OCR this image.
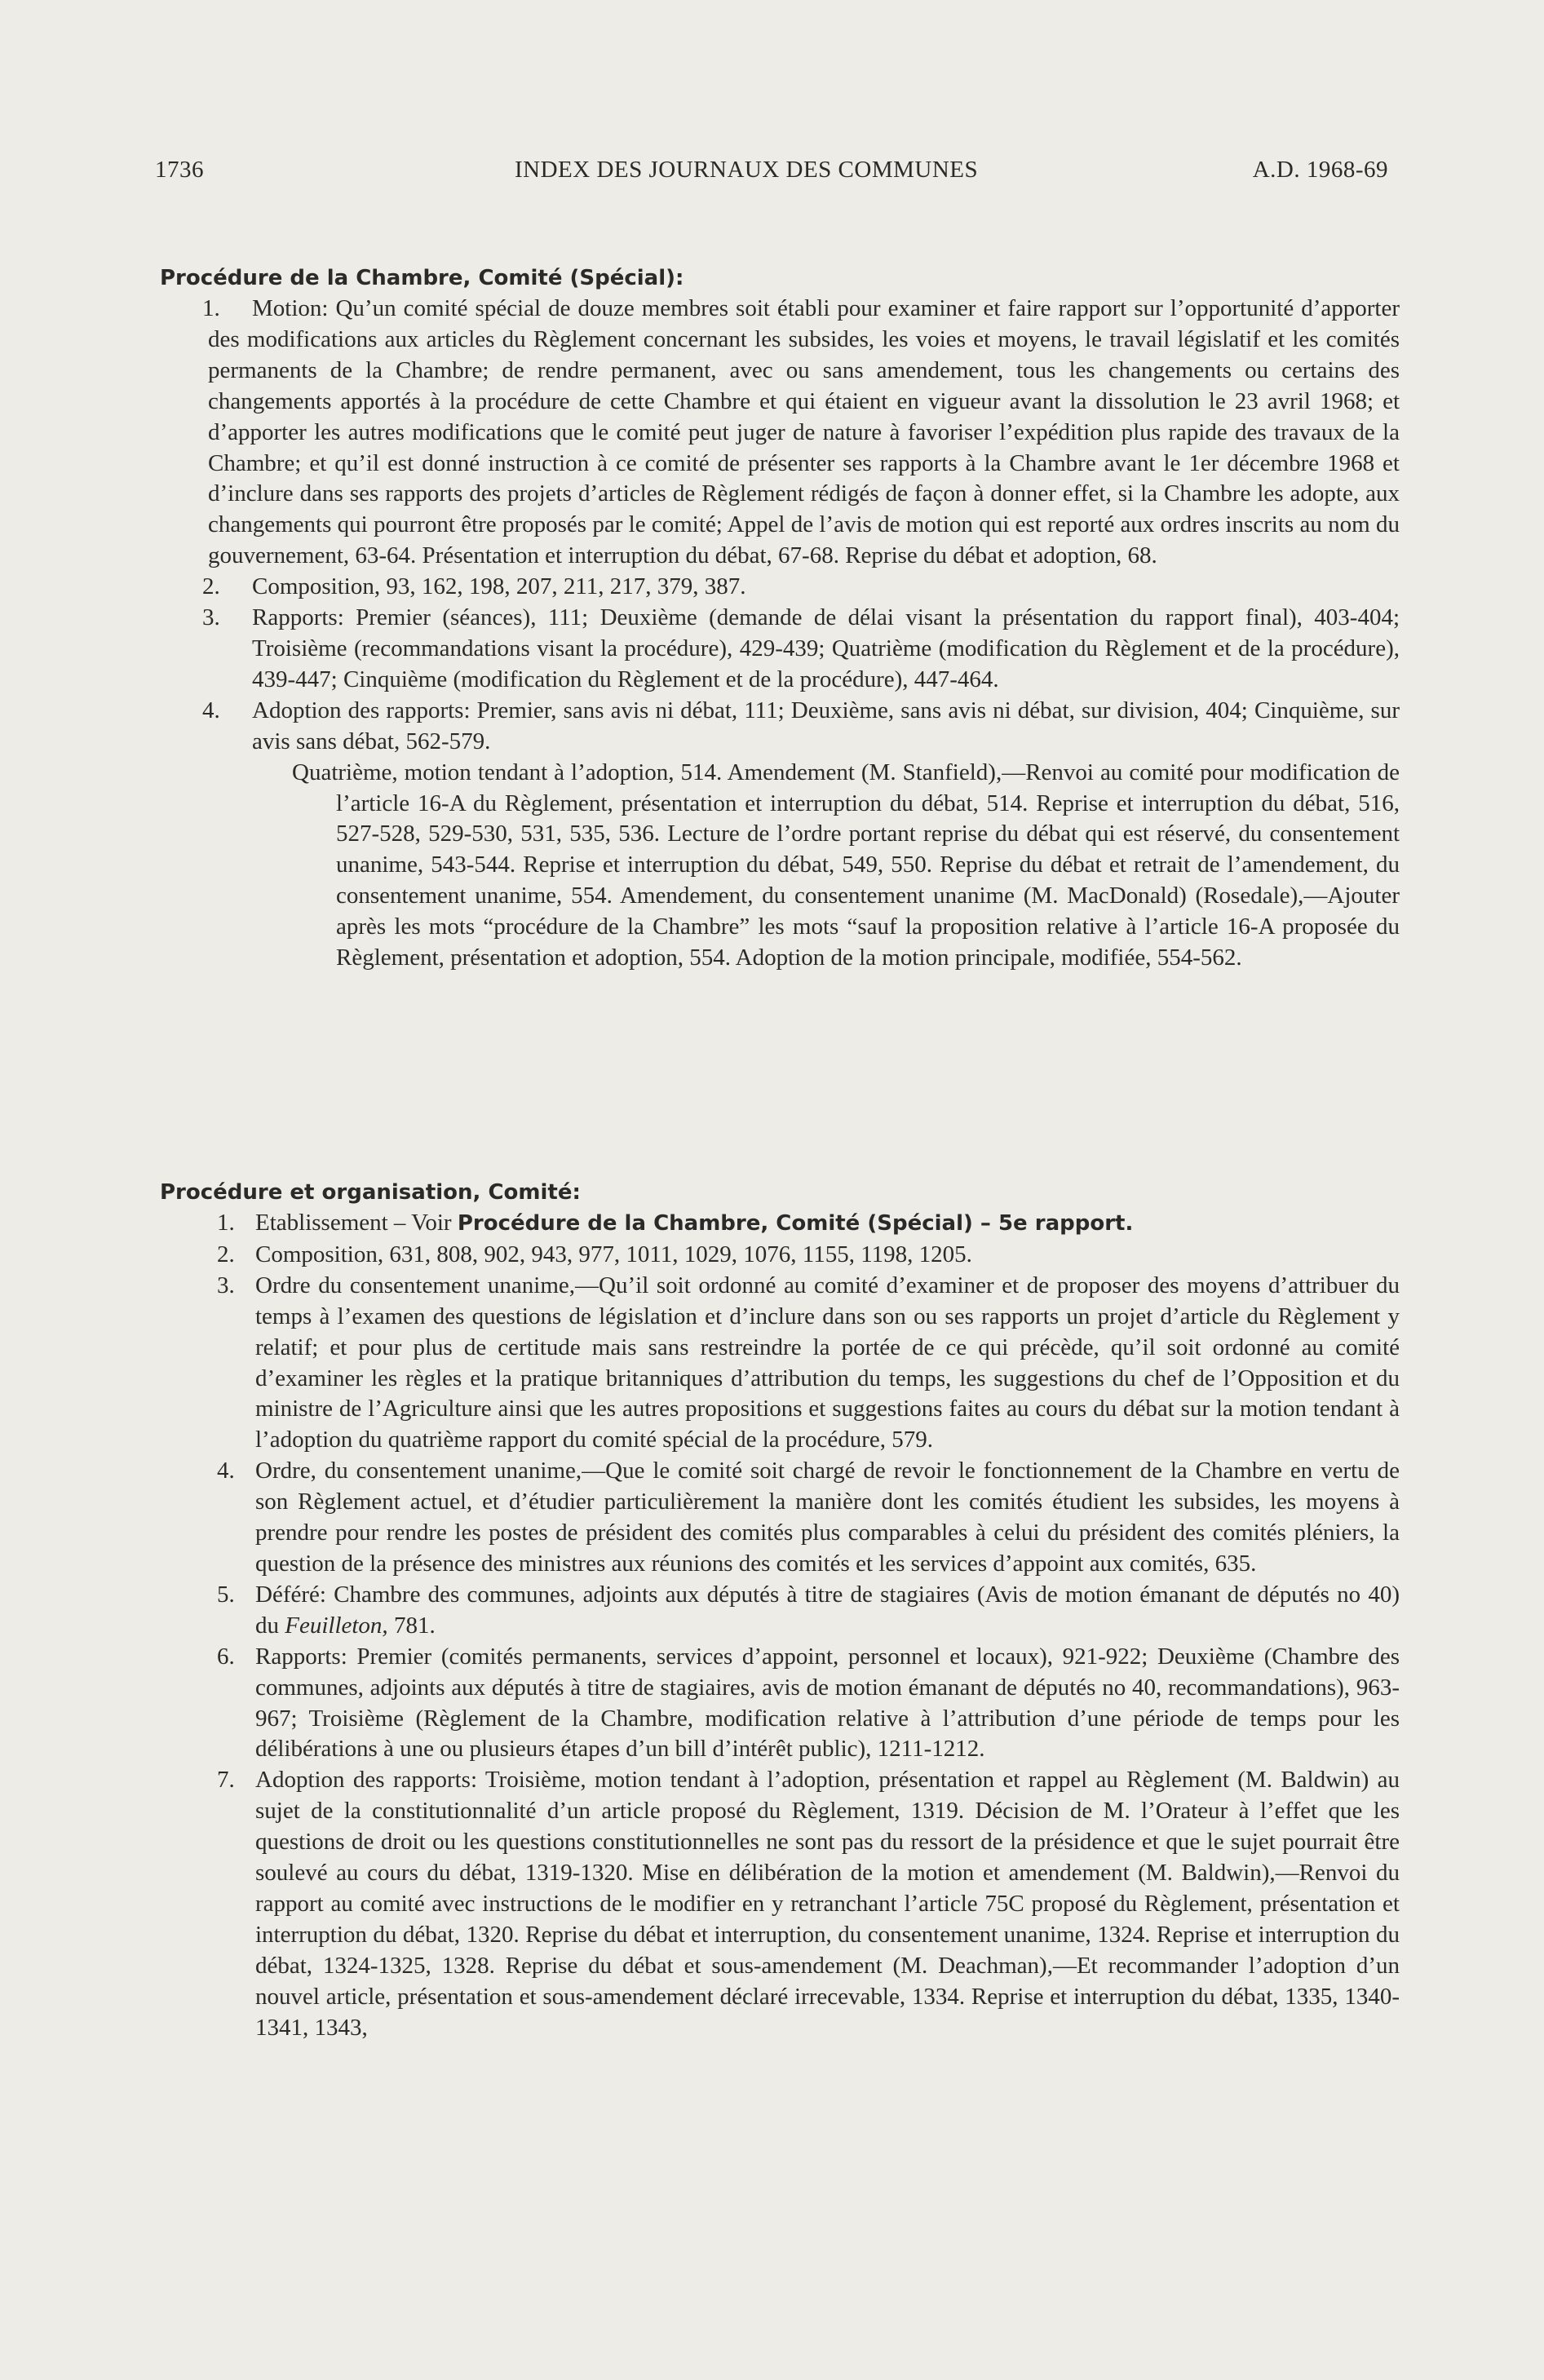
1736	INDEX DES JOURNAUX DES COMMUNES	A.D. 1968-69
Procédure de la Chambre, Comité (Spécial):
1.	Motion: Qu’un comité spécial de douze membres soit établi pour examiner et faire rapport sur l’opportunité d’apporter des modifications aux articles du Règlement concernant les subsides, les voies et moyens, le travail législatif et les comités permanents de la Chambre; de rendre permanent, avec ou sans amendement, tous les changements ou certains des changements apportés à la procédure de cette Chambre et qui étaient en vigueur avant la dissolution le 23 avril 1968; et d’apporter les autres modifications que le comité peut juger de nature à favoriser l’expédition plus rapide des travaux de la Chambre; et qu’il est donné instruction à ce comité de présenter ses rapports à la Chambre avant le 1er décembre 1968 et d’inclure dans ses rapports des projets d’articles de Règlement rédigés de façon à donner effet, si la Chambre les adopte, aux changements qui pourront être proposés par le comité; Appel de l’avis de motion qui est reporté aux ordres inscrits au nom du gouvernement, 63-64. Présentation et interruption du débat, 67-68. Reprise du débat et adoption, 68.
2. Composition, 93, 162, 198, 207, 211, 217, 379, 387.
3. Rapports: Premier (séances), 111; Deuxième (demande de délai visant la présentation du rapport final), 403-404; Troisième (recommandations visant la procédure), 429-439; Quatrième (modification du Règlement et de la procédure), 439-447; Cinquième (modification du Règlement et de la procédure), 447-464.
4. Adoption des rapports: Premier, sans avis ni débat, 111; Deuxième, sans avis ni débat, sur division, 404; Cinquième, sur avis sans débat, 562-579.
Quatrième, motion tendant à l’adoption, 514. Amendement (M. Stanfield),—Renvoi au comité pour modification de l’article 16-A du Règlement, présentation et interruption du débat, 514. Reprise et interruption du débat, 516, 527-528, 529-530, 531, 535, 536. Lecture de l’ordre portant reprise du débat qui est réservé, du consentement unanime, 543-544. Reprise et interruption du débat, 549, 550. Reprise du débat et retrait de l’amendement, du consentement unanime, 554. Amendement, du consentement unanime (M. MacDonald) (Rosedale),—Ajouter après les mots “procédure de la Chambre” les mots “sauf la proposition relative à l’article 16-A proposée du Règlement, présentation et adoption, 554. Adoption de la motion principale, modifiée, 554-562.
Procédure et organisation, Comité:
1. Etablissement – Voir Procédure de la Chambre, Comité (Spécial) – 5e rapport.
2. Composition, 631, 808, 902, 943, 977, 1011, 1029, 1076, 1155, 1198, 1205.
3. Ordre du consentement unanime,—Qu’il soit ordonné au comité d’examiner et de proposer des moyens d’attribuer du temps à l’examen des questions de législation et d’inclure dans son ou ses rapports un projet d’article du Règlement y relatif; et pour plus de certitude mais sans restreindre la portée de ce qui précède, qu’il soit ordonné au comité d’examiner les règles et la pratique britanniques d’attribution du temps, les suggestions du chef de l’Opposition et du ministre de l’Agriculture ainsi que les autres propositions et suggestions faites au cours du débat sur la motion tendant à l’adoption du quatrième rapport du comité spécial de la procédure, 579.
4. Ordre, du consentement unanime,—Que le comité soit chargé de revoir le fonctionnement de la Chambre en vertu de son Règlement actuel, et d’étudier particulièrement la manière dont les comités étudient les subsides, les moyens à prendre pour rendre les postes de président des comités plus comparables à celui du président des comités pléniers, la question de la présence des ministres aux réunions des comités et les services d’appoint aux comités, 635.
5. Déféré: Chambre des communes, adjoints aux députés à titre de stagiaires (Avis de motion émanant de députés no 40) du Feuilleton, 781.
6. Rapports: Premier (comités permanents, services d’appoint, personnel et locaux), 921-922; Deuxième (Chambre des communes, adjoints aux députés à titre de stagiaires, avis de motion émanant de députés no 40, recommandations), 963-967; Troisième (Règlement de la Chambre, modification relative à l’attribution d’une période de temps pour les délibérations à une ou plusieurs étapes d’un bill d’intérêt public), 1211-1212.
7. Adoption des rapports: Troisième, motion tendant à l’adoption, présentation et rappel au Règlement (M. Baldwin) au sujet de la constitutionnalité d’un article proposé du Règlement, 1319. Décision de M. l’Orateur à l’effet que les questions de droit ou les questions constitutionnelles ne sont pas du ressort de la présidence et que le sujet pourrait être soulevé au cours du débat, 1319-1320. Mise en délibération de la motion et amendement (M. Baldwin),—Renvoi du rapport au comité avec instructions de le modifier en y retranchant l’article 75C proposé du Règlement, présentation et interruption du débat, 1320. Reprise du débat et interruption, du consentement unanime, 1324. Reprise et interruption du débat, 1324-1325, 1328. Reprise du débat et sous-amendement (M. Deachman),—Et recommander l’adoption d’un nouvel article, présentation et sous-amendement déclaré irrecevable, 1334. Reprise et interruption du débat, 1335, 1340-1341, 1343,
